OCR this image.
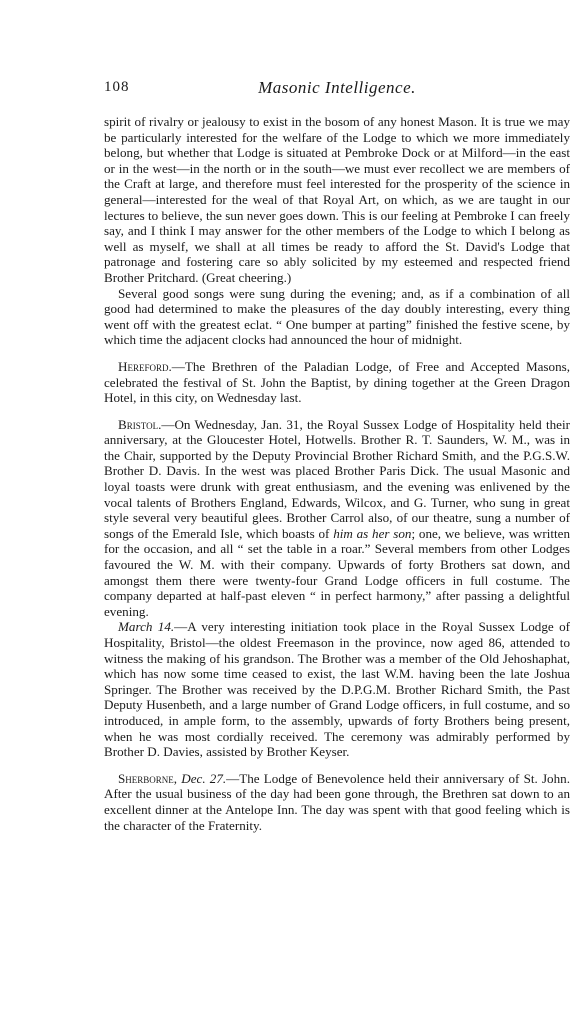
108	Masonic Intelligence.

spirit of rivalry or jealousy to exist in the bosom of any honest Mason. It is true we may be particularly interested for the welfare of the Lodge to which we more immediately belong, but whether that Lodge is situated at Pembroke Dock or at Milford—in the east or in the west—in the north or in the south—we must ever recollect we are members of the Craft at large, and therefore must feel interested for the prosperity of the science in general—interested for the weal of that Royal Art, on which, as we are taught in our lectures to believe, the sun never goes down. This is our feeling at Pembroke I can freely say, and I think I may answer for the other members of the Lodge to which I belong as well as myself, we shall at all times be ready to afford the St. David's Lodge that patronage and fostering care so ably solicited by my esteemed and respected friend Brother Pritchard. (Great cheering.)

Several good songs were sung during the evening; and, as if a combination of all good had determined to make the pleasures of the day doubly interesting, every thing went off with the greatest eclat. “ One bumper at parting” finished the festive scene, by which time the adjacent clocks had announced the hour of midnight.

Hereford.—The Brethren of the Paladian Lodge, of Free and Accepted Masons, celebrated the festival of St. John the Baptist, by dining together at the Green Dragon Hotel, in this city, on Wednesday last.

Bristol.—On Wednesday, Jan. 31, the Royal Sussex Lodge of Hospitality held their anniversary, at the Gloucester Hotel, Hotwells. Brother R. T. Saunders, W. M., was in the Chair, supported by the Deputy Provincial Brother Richard Smith, and the P.G.S.W. Brother D. Davis. In the west was placed Brother Paris Dick. The usual Masonic and loyal toasts were drunk with great enthusiasm, and the evening was enlivened by the vocal talents of Brothers England, Edwards, Wilcox, and G. Turner, who sung in great style several very beautiful glees. Brother Carrol also, of our theatre, sung a number of songs of the Emerald Isle, which boasts of him as her son; one, we believe, was written for the occasion, and all “ set the table in a roar.” Several members from other Lodges favoured the W. M. with their company. Upwards of forty Brothers sat down, and amongst them there were twenty-four Grand Lodge officers in full costume. The company departed at half-past eleven “ in perfect harmony,” after passing a delightful evening.

March 14.—A very interesting initiation took place in the Royal Sussex Lodge of Hospitality, Bristol—the oldest Freemason in the province, now aged 86, attended to witness the making of his grandson. The Brother was a member of the Old Jehoshaphat, which has now some time ceased to exist, the last W.M. having been the late Joshua Springer. The Brother was received by the D.P.G.M. Brother Richard Smith, the Past Deputy Husenbeth, and a large number of Grand Lodge officers, in full costume, and so introduced, in ample form, to the assembly, upwards of forty Brothers being present, when he was most cordially received. The ceremony was admirably performed by Brother D. Davies, assisted by Brother Keyser.

Sherborne, Dec. 27.—The Lodge of Benevolence held their anniversary of St. John. After the usual business of the day had been gone through, the Brethren sat down to an excellent dinner at the Antelope Inn. The day was spent with that good feeling which is the character of the Fraternity.
